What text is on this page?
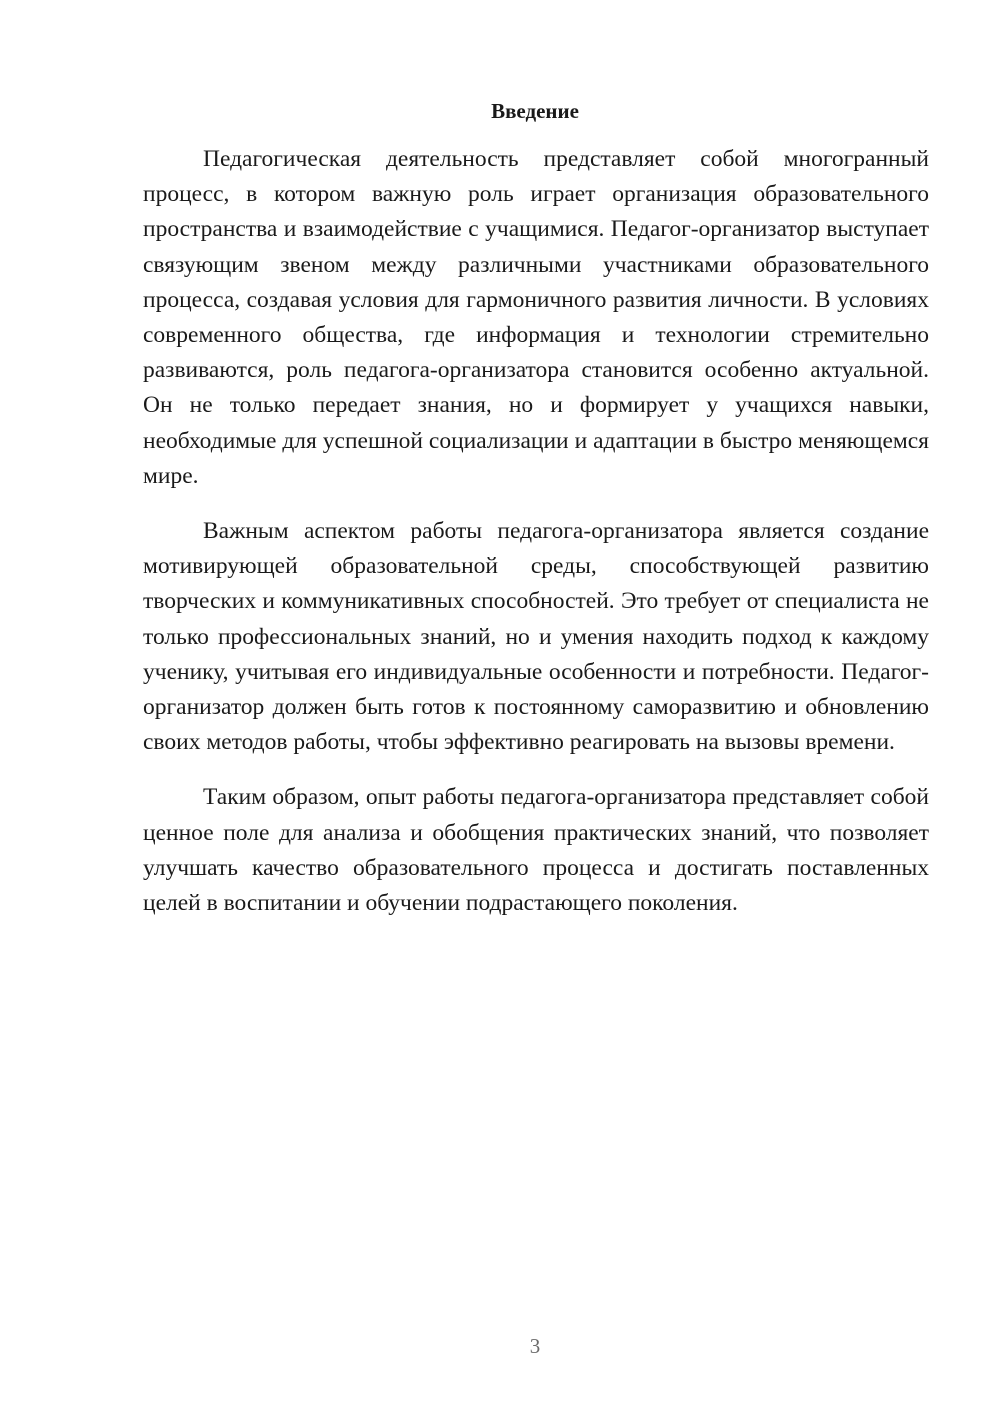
Введение

Педагогическая деятельность представляет собой многогранный процесс, в котором важную роль играет организация образовательного пространства и взаимодействие с учащимися. Педагог-организатор выступает связующим звеном между различными участниками образовательного процесса, создавая условия для гармоничного развития личности. В условиях современного общества, где информация и технологии стремительно развиваются, роль педагога-организатора становится особенно актуальной. Он не только передает знания, но и формирует у учащихся навыки, необходимые для успешной социализации и адаптации в быстро меняющемся мире.

Важным аспектом работы педагога-организатора является создание мотивирующей образовательной среды, способствующей развитию творческих и коммуникативных способностей. Это требует от специалиста не только профессиональных знаний, но и умения находить подход к каждому ученику, учитывая его индивидуальные особенности и потребности. Педагог-организатор должен быть готов к постоянному саморазвитию и обновлению своих методов работы, чтобы эффективно реагировать на вызовы времени.

Таким образом, опыт работы педагога-организатора представляет собой ценное поле для анализа и обобщения практических знаний, что позволяет улучшать качество образовательного процесса и достигать поставленных целей в воспитании и обучении подрастающего поколения.

3
